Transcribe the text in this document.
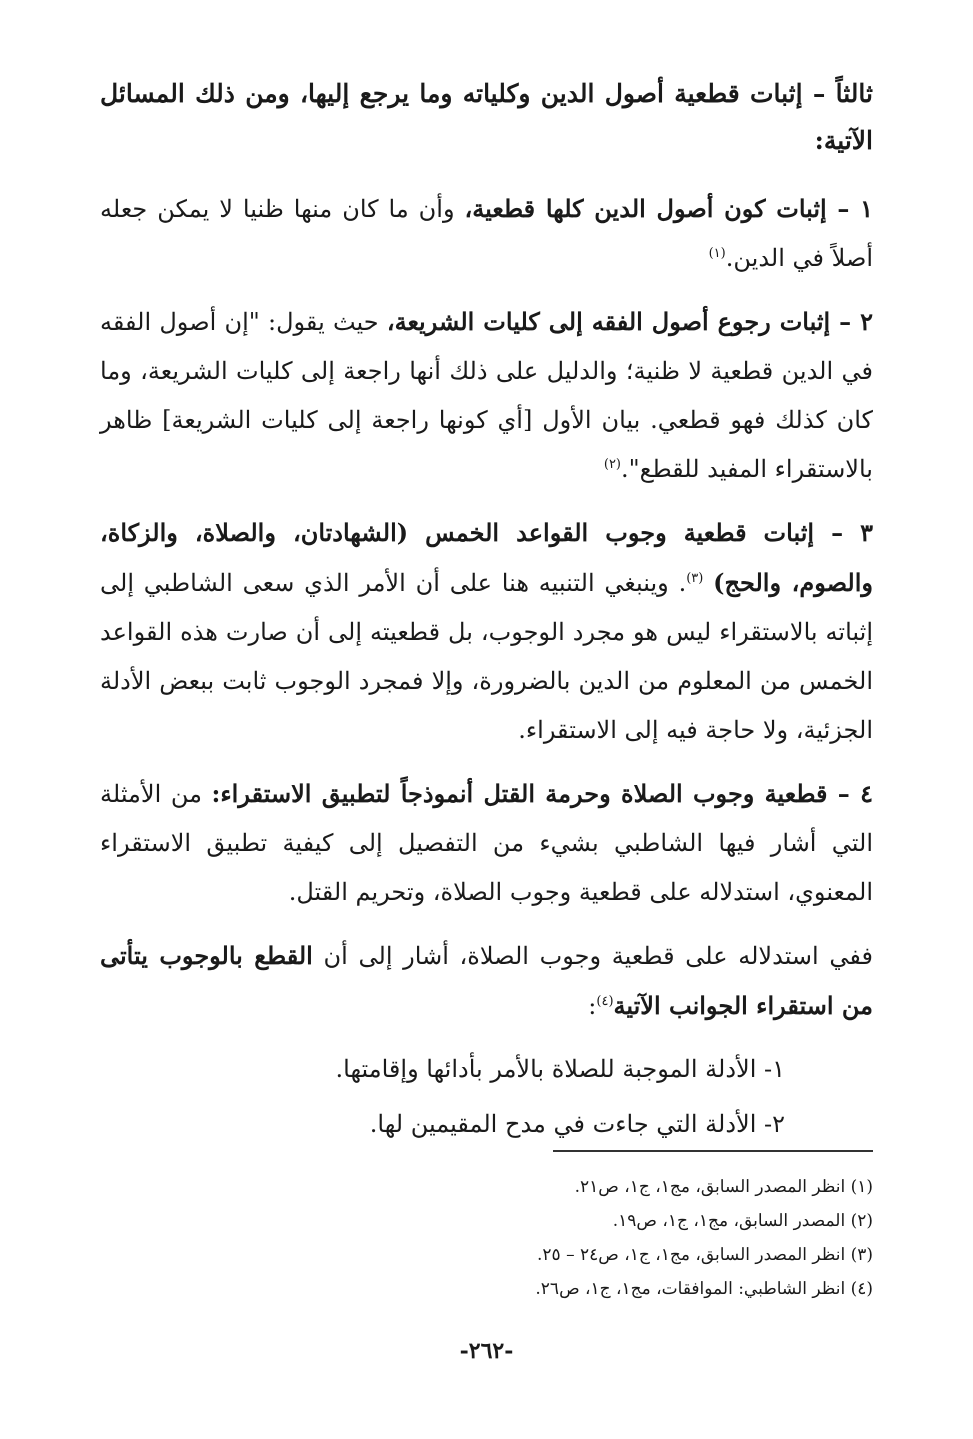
ثالثاً – إثبات قطعية أصول الدين وكلياته وما يرجع إليها، ومن ذلك المسائل الآتية:

١ – إثبات كون أصول الدين كلها قطعية، وأن ما كان منها ظنيا لا يمكن جعله أصلاً في الدين.$^{(١)}$

٢ – إثبات رجوع أصول الفقه إلى كليات الشريعة، حيث يقول: "إن أصول الفقه في الدين قطعية لا ظنية؛ والدليل على ذلك أنها راجعة إلى كليات الشريعة، وما كان كذلك فهو قطعي. بيان الأول [أي كونها راجعة إلى كليات الشريعة] ظاهر بالاستقراء المفيد للقطع".$^{(٢)}$

٣ – إثبات قطعية وجوب القواعد الخمس (الشهادتان، والصلاة، والزكاة، والصوم، والحج) $^{(٣)}$. وينبغي التنبيه هنا على أن الأمر الذي سعى الشاطبي إلى إثباته بالاستقراء ليس هو مجرد الوجوب، بل قطعيته إلى أن صارت هذه القواعد الخمس من المعلوم من الدين بالضرورة، وإلا فمجرد الوجوب ثابت ببعض الأدلة الجزئية، ولا حاجة فيه إلى الاستقراء.

٤ – قطعية وجوب الصلاة وحرمة القتل أنموذجاً لتطبيق الاستقراء: من الأمثلة التي أشار فيها الشاطبي بشيء من التفصيل إلى كيفية تطبيق الاستقراء المعنوي، استدلاله على قطعية وجوب الصلاة، وتحريم القتل.

ففي استدلاله على قطعية وجوب الصلاة، أشار إلى أن القطع بالوجوب يتأتى من استقراء الجوانب الآتية$^{(٤)}$:

١- الأدلة الموجبة للصلاة بالأمر بأدائها وإقامتها.

٢- الأدلة التي جاءت في مدح المقيمين لها.

(١) انظر المصدر السابق، مج١، ج١، ص٢١.

(٢) المصدر السابق، مج١، ج١، ص١٩.

(٣) انظر المصدر السابق، مج١، ج١، ص٢٤ – ٢٥.

(٤) انظر الشاطبي: الموافقات، مج١، ج١، ص٢٦.

-٢٦٢-
